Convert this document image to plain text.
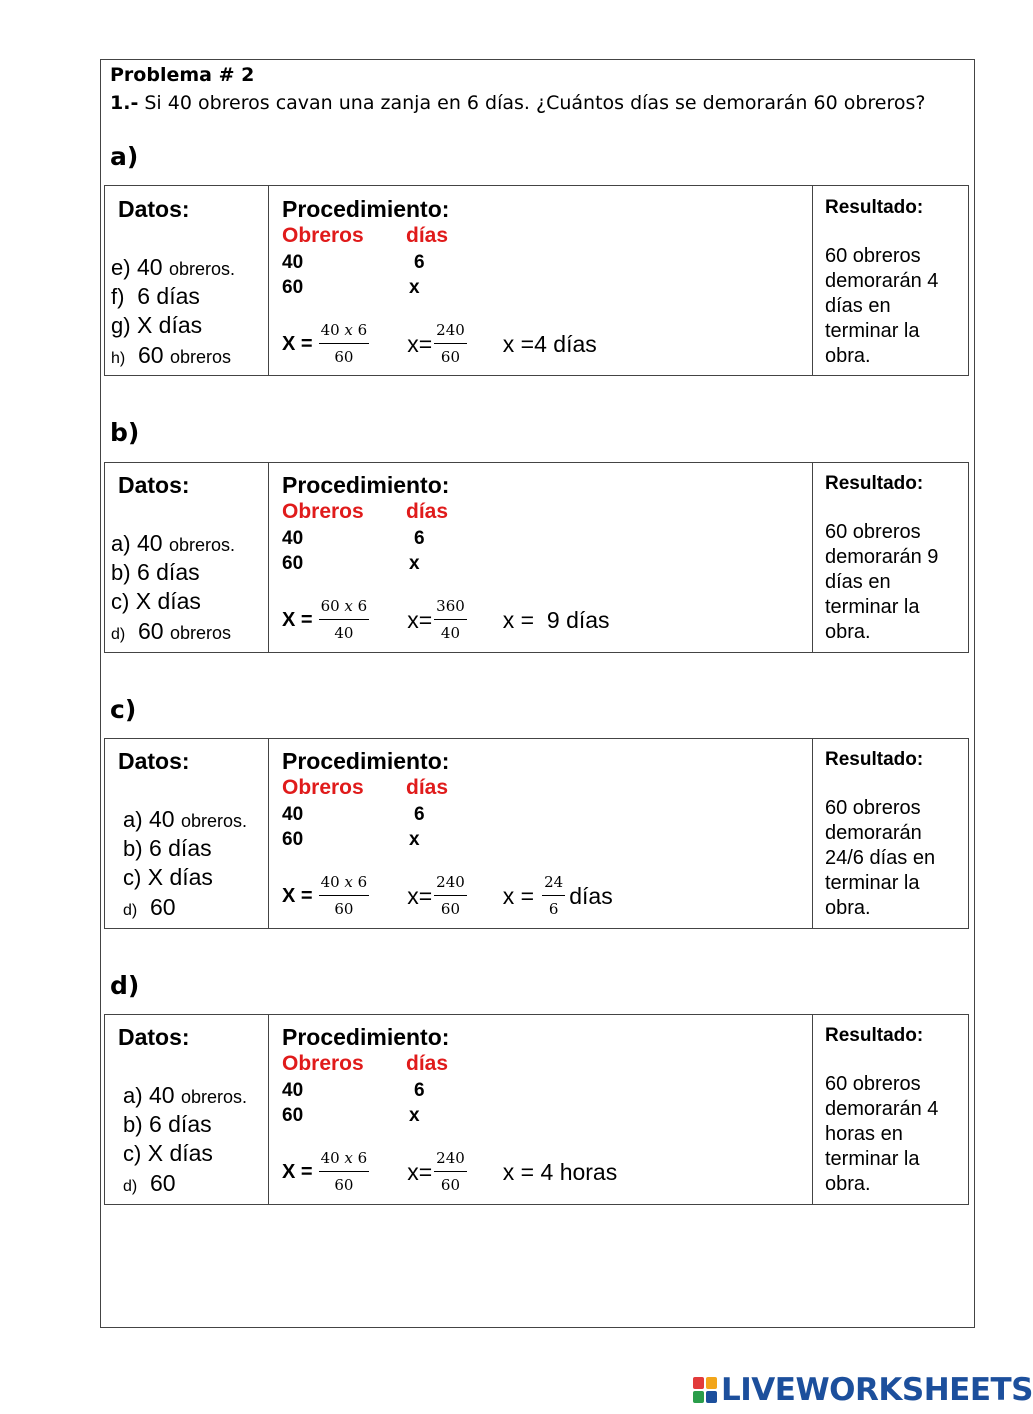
Problema # 2
1.- Si 40 obreros cavan una zanja en 6 días. ¿Cuántos días se demorarán 60 obreros?
a)
Datos:
e) 40 obreros.
f) 6 días
g) X días
h) 60 obreros
Procedimiento:
Obreros días
40	6
60	x
$X = \frac{\text{40 𝑥 6}}{60} x= \frac{240}{60}$ x =4 días
Resultado:
60 obreros demorarán 4 días en terminar la obra.
b)
Datos:
a) 40 obreros.
b) 6 días
c) X días
d) 60 obreros
Procedimiento:
Obreros días
40	6
60	x
$X = \frac{\text{60 𝑥 6}}{40} x= \frac{360}{40}$ x =  9 días
Resultado:
60 obreros demorarán 9 días en terminar la obra.
c)
Datos:
a) 40 obreros.
b) 6 días
c) X días
d) 60
Procedimiento:
Obreros días
40	6
60	x
$X = \frac{\text{40 𝑥 6}}{60} x= \frac{240}{60}$ $x = \frac{24}{6}$ días
Resultado:
60 obreros demorarán 24/6 días en terminar la obra.
d)
Datos:
a) 40 obreros.
b) 6 días
c) X días
d) 60
Procedimiento:
Obreros días
40	6
60	x
$X = \frac{\text{40 𝑥 6}}{60} x= \frac{240}{60}$ x = 4 horas
Resultado:
60 obreros demorarán 4 horas en terminar la obra.
LIVEWORKSHEETS
